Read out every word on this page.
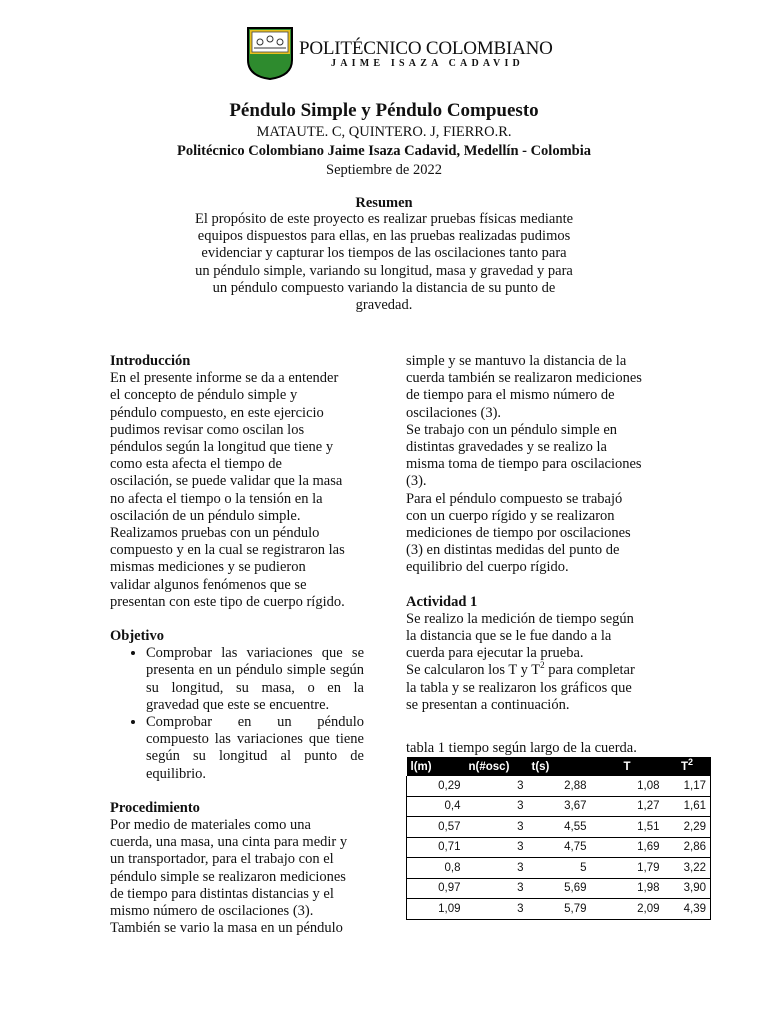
POLITÉCNICO COLOMBIANO
JAIME ISAZA CADAVID
Péndulo Simple y Péndulo Compuesto
MATAUTE. C, QUINTERO. J, FIERRO.R.
Politécnico Colombiano Jaime Isaza Cadavid, Medellín - Colombia
Septiembre de 2022
Resumen
El propósito de este proyecto es realizar pruebas físicas mediante
equipos dispuestos para ellas, en las pruebas realizadas pudimos
evidenciar y capturar los tiempos de las oscilaciones tanto para
un péndulo simple, variando su longitud, masa y gravedad y para
un péndulo compuesto variando la distancia de su punto de
gravedad.

Introducción

En el presente informe se da a entender

el concepto de péndulo simple y

péndulo compuesto, en este ejercicio

pudimos revisar como oscilan los

péndulos según la longitud que tiene y

como esta afecta el tiempo de

oscilación, se puede validar que la masa

no afecta el tiempo o la tensión en la

oscilación de un péndulo simple.

Realizamos pruebas con un péndulo

compuesto y en la cual se registraron las

mismas mediciones y se pudieron

validar algunos fenómenos que se

presentan con este tipo de cuerpo rígido.

Objetivo

• Comprobar las variaciones que se presenta en un péndulo simple según su longitud, su masa, o en la gravedad que este se encuentre.
• Comprobar en un péndulo compuesto las variaciones que tiene según su longitud al punto de equilibrio.

Procedimiento

Por medio de materiales como una

cuerda, una masa, una cinta para medir y

un transportador, para el trabajo con el

péndulo simple se realizaron mediciones

de tiempo para distintas distancias y el

mismo número de oscilaciones (3).

También se vario la masa en un péndulo

simple y se mantuvo la distancia de la

cuerda también se realizaron mediciones

de tiempo para el mismo número de

oscilaciones (3).

Se trabajo con un péndulo simple en

distintas gravedades y se realizo la

misma toma de tiempo para oscilaciones

(3).

Para el péndulo compuesto se trabajó

con un cuerpo rígido y se realizaron

mediciones de tiempo por oscilaciones

(3) en distintas medidas del punto de

equilibrio del cuerpo rígido.

Actividad 1

Se realizo la medición de tiempo según

la distancia que se le fue dando a la

cuerda para ejecutar la prueba.

Se calcularon los T y $T^2$ para completar

la tabla y se realizaron los gráficos que

se presentan a continuación.

tabla 1 tiempo según largo de la cuerda.
l(m)	n(#osc)	t(s)	T	$T^2$
0,29	3	2,88	1,08	1,17
0,4	3	3,67	1,27	1,61
0,57	3	4,55	1,51	2,29
0,71	3	4,75	1,69	2,86
0,8	3	5	1,79	3,22
0,97	3	5,69	1,98	3,90
1,09	3	5,79	2,09	4,39
